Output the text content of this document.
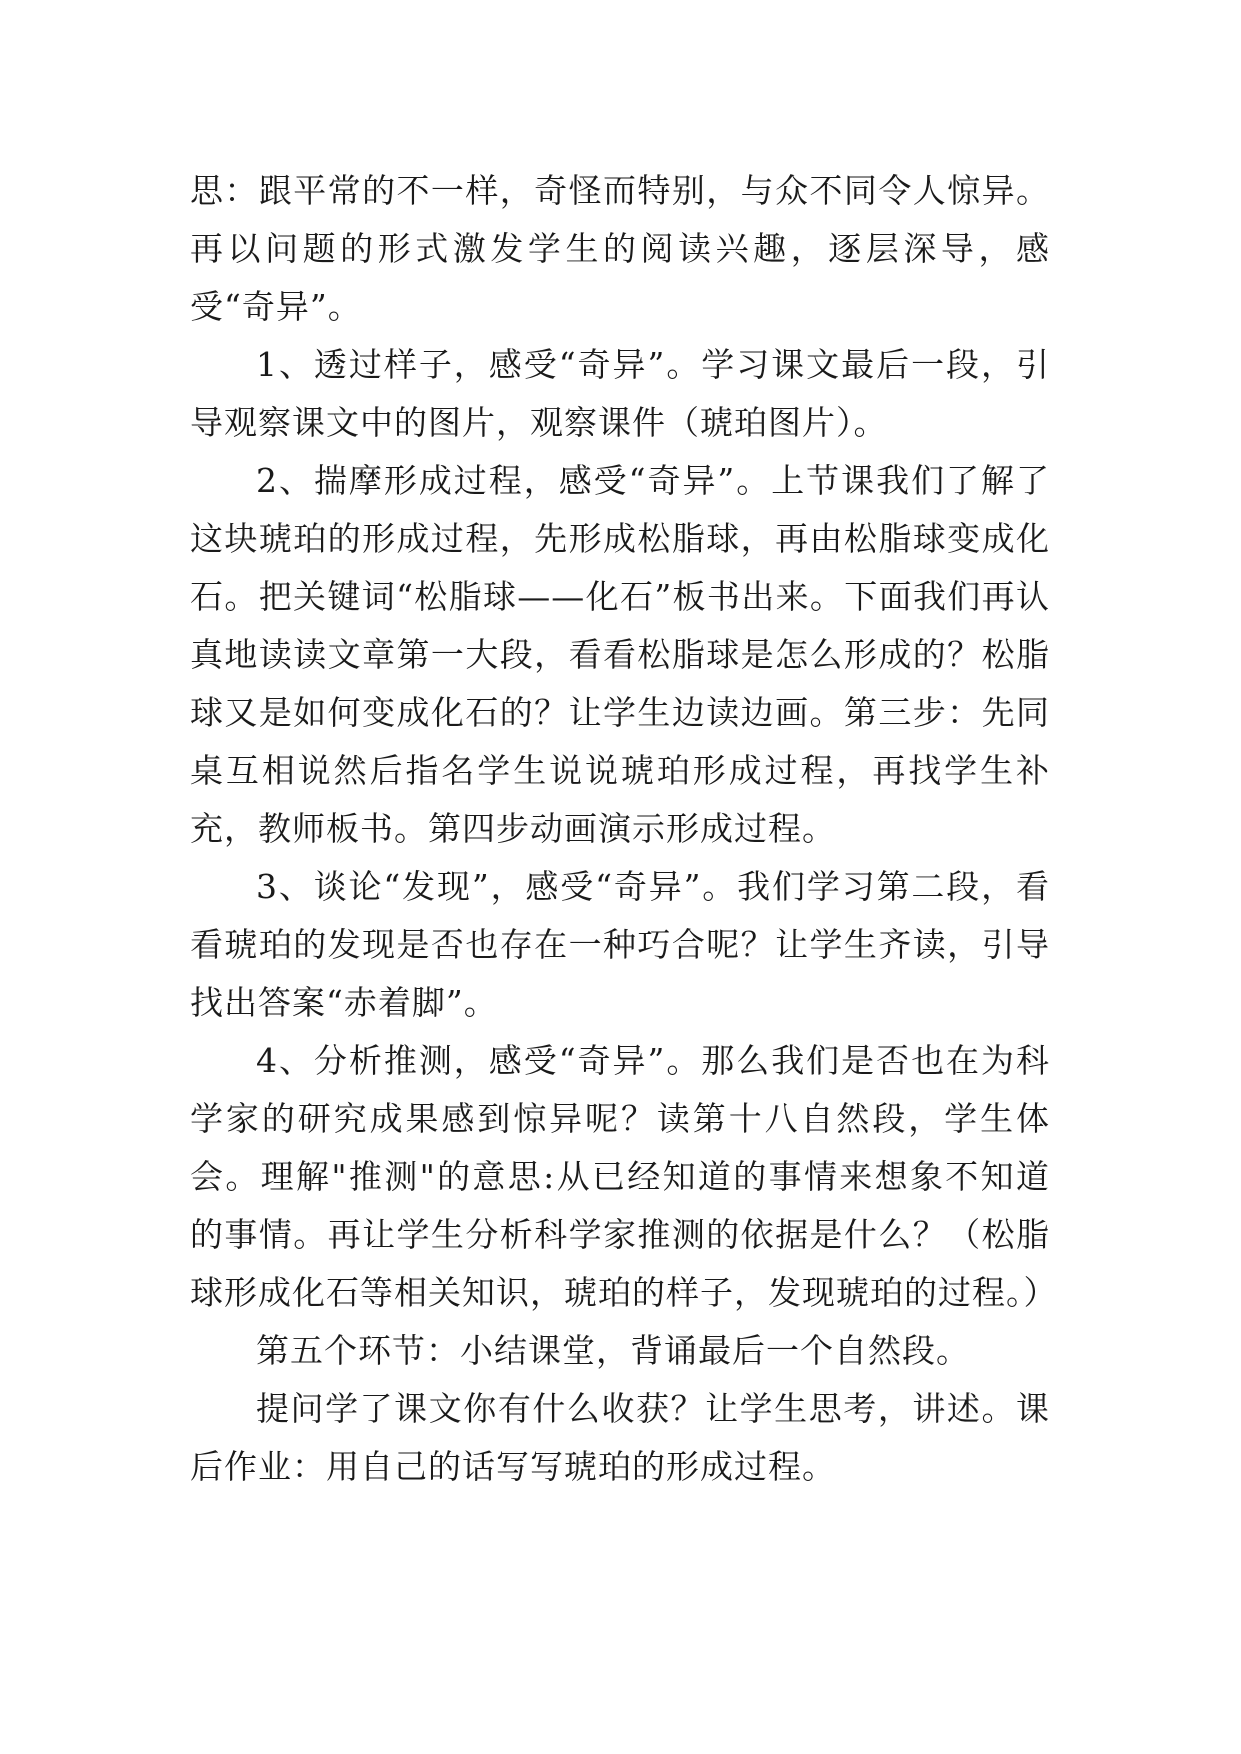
思：跟平常的不一样，奇怪而特别，与众不同令人惊异。再以问题的形式激发学生的阅读兴趣，逐层深导，感受“奇异”。

1、透过样子，感受“奇异”。学习课文最后一段，引导观察课文中的图片，观察课件（琥珀图片）。

2、揣摩形成过程，感受“奇异”。上节课我们了解了这块琥珀的形成过程，先形成松脂球，再由松脂球变成化石。把关键词“松脂球——化石”板书出来。下面我们再认真地读读文章第一大段，看看松脂球是怎么形成的？松脂球又是如何变成化石的？让学生边读边画。第三步：先同桌互相说然后指名学生说说琥珀形成过程，再找学生补充，教师板书。第四步动画演示形成过程。

3、谈论“发现”，感受“奇异”。我们学习第二段，看看琥珀的发现是否也存在一种巧合呢？让学生齐读，引导找出答案“赤着脚”。

4、分析推测，感受“奇异”。那么我们是否也在为科学家的研究成果感到惊异呢？读第十八自然段，学生体会。理解"推测"的意思:从已经知道的事情来想象不知道的事情。再让学生分析科学家推测的依据是什么？（松脂球形成化石等相关知识，琥珀的样子，发现琥珀的过程。）

第五个环节：小结课堂，背诵最后一个自然段。

提问学了课文你有什么收获？让学生思考，讲述。课后作业：用自己的话写写琥珀的形成过程。
